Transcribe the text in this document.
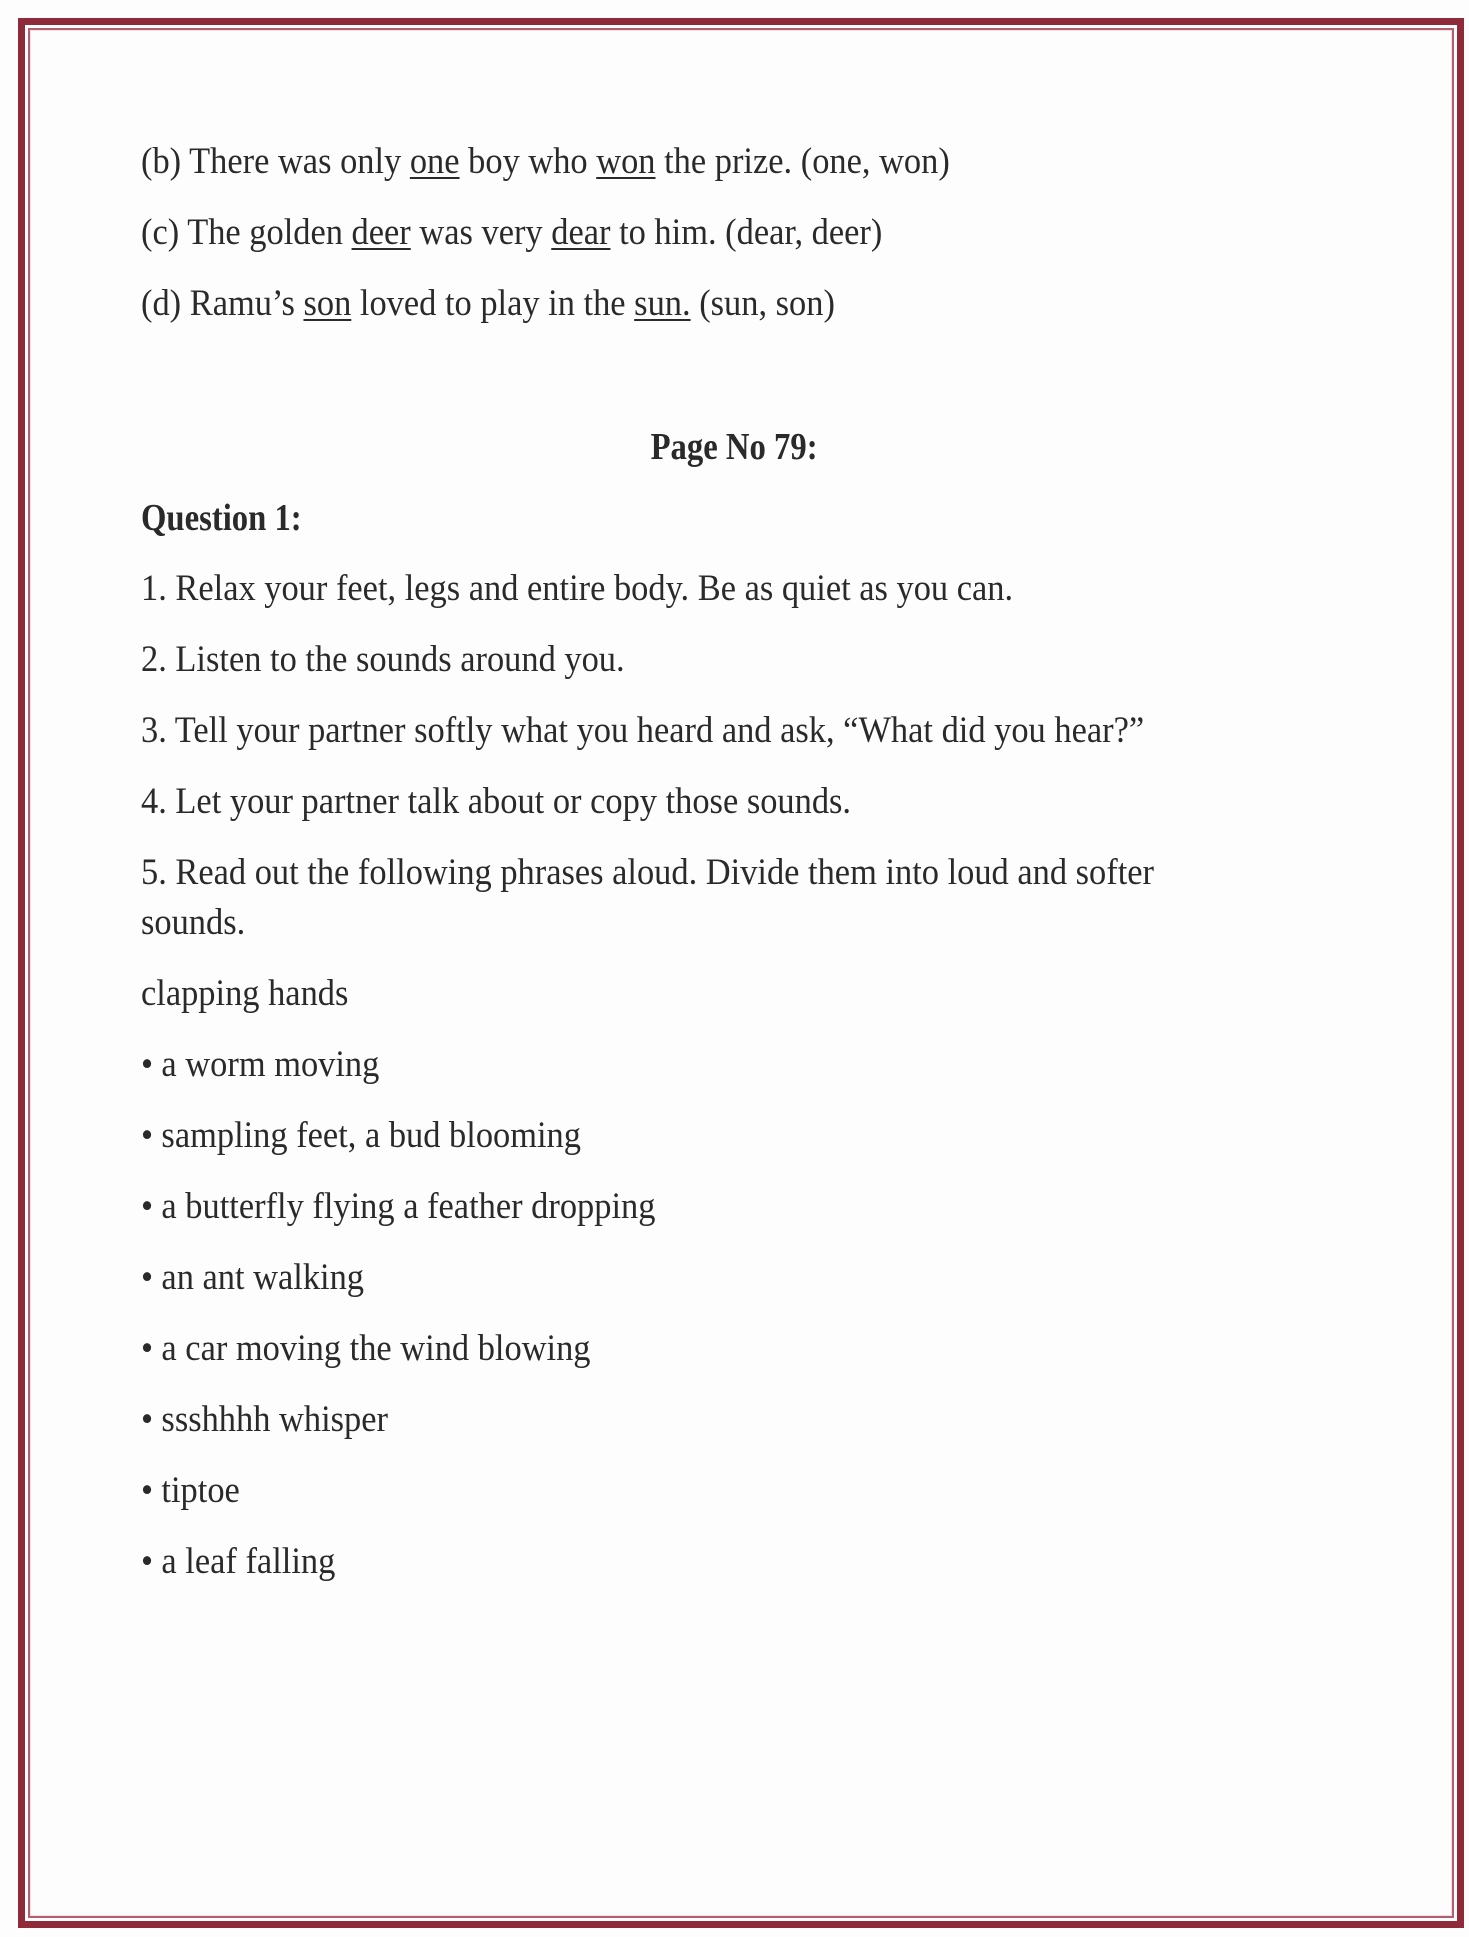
(b) There was only one boy who won the prize. (one, won)
(c) The golden deer was very dear to him. (dear, deer)
(d) Ramu’s son loved to play in the sun. (sun, son)
Page No 79:
Question 1:
1. Relax your feet, legs and entire body. Be as quiet as you can.
2. Listen to the sounds around you.
3. Tell your partner softly what you heard and ask, “What did you hear?”
4. Let your partner talk about or copy those sounds.
5. Read out the following phrases aloud. Divide them into loud and softer
sounds.
clapping hands
• a worm moving
• sampling feet, a bud blooming
• a butterfly flying a feather dropping
• an ant walking
• a car moving the wind blowing
• ssshhhh whisper
• tiptoe
• a leaf falling
